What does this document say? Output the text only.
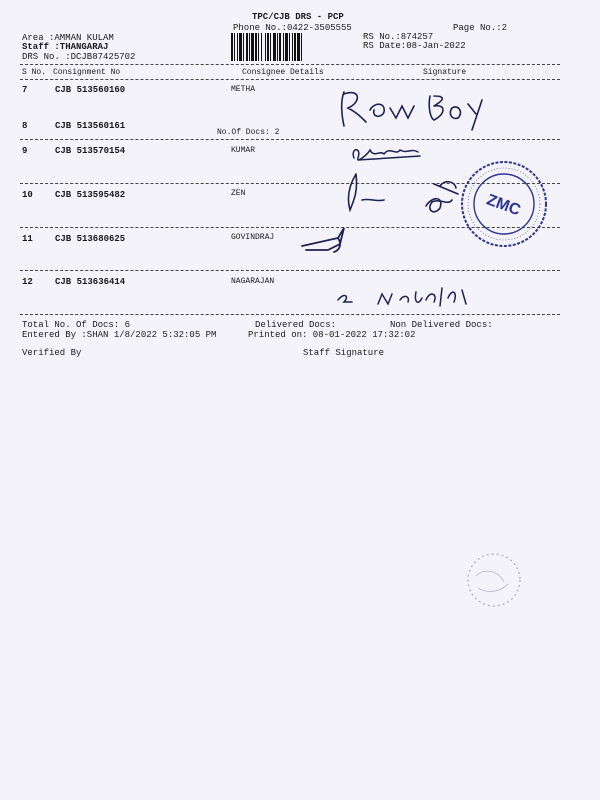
TPC/CJB DRS - PCP
Phone No.:0422-3505555	Page No.:2
Area :AMMAN KULAM
Staff :THANGARAJ
DRS No. :DCJB87425702
RS No.:874257
RS Date:08-Jan-2022
S No. Consignment No	Consignee Details	Signature
7	CJB 513560160	METHA
8	CJB 513560161
No.Of Docs: 2
9	CJB 513570154	KUMAR
10 CJB 513595482	ZEN
11 CJB 513680625	GOVINDRAJ
12 CJB 513636414	NAGARAJAN
Total No. Of Docs: 6	Delivered Docs:	Non Delivered Docs:
Entered By :SHAN 1/8/2022 5:32:05 PM	Printed on: 08-01-2022 17:32:02
Verified By	Staff Signature
ZMC
